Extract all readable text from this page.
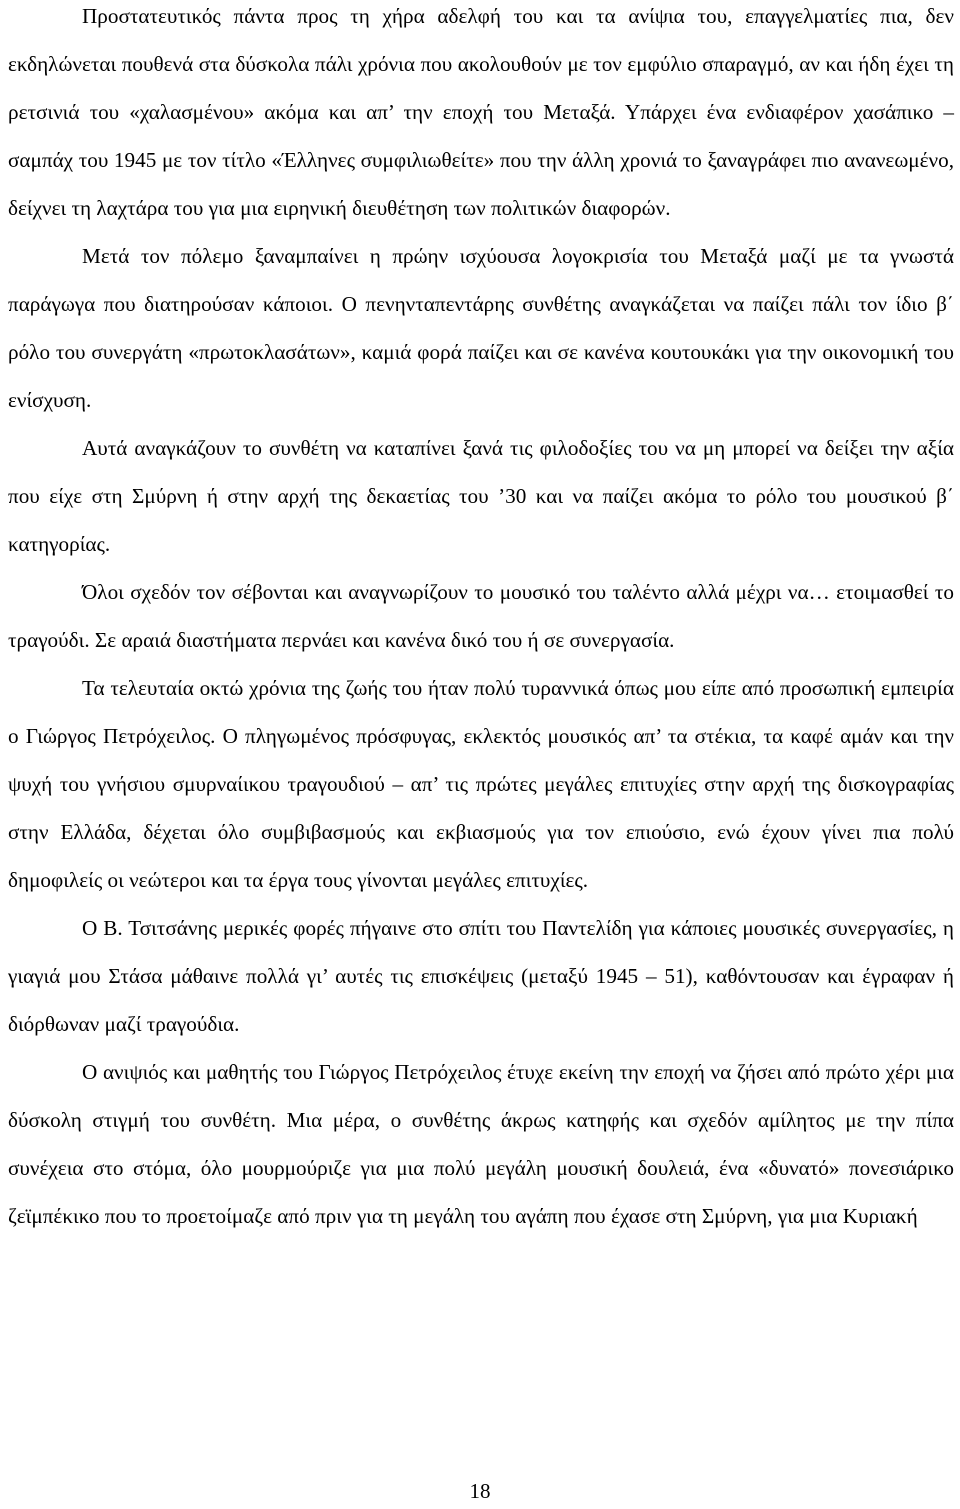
Προστατευτικός πάντα προς τη χήρα αδελφή του και τα ανίψια του, επαγγελματίες πια, δεν εκδηλώνεται πουθενά στα δύσκολα πάλι χρόνια που ακολουθούν με τον εμφύλιο σπαραγμό, αν και ήδη έχει τη ρετσινιά του «χαλασμένου» ακόμα και απ’ την εποχή του Μεταξά. Υπάρχει ένα ενδιαφέρον χασάπικο – σαμπάχ του 1945 με τον τίτλο «Έλληνες συμφιλιωθείτε» που την άλλη χρονιά το ξαναγράφει πιο ανανεωμένο, δείχνει τη λαχτάρα του για μια ειρηνική διευθέτηση των πολιτικών διαφορών.

Μετά τον πόλεμο ξαναμπαίνει η πρώην ισχύουσα λογοκρισία του Μεταξά μαζί με τα γνωστά παράγωγα που διατηρούσαν κάποιοι. Ο πενηνταπεντάρης συνθέτης αναγκάζεται να παίζει πάλι τον ίδιο β΄ ρόλο του συνεργάτη «πρωτοκλασάτων», καμιά φορά παίζει και σε κανένα κουτουκάκι για την οικονομική του ενίσχυση.

Αυτά αναγκάζουν το συνθέτη να καταπίνει ξανά τις φιλοδοξίες του να μη μπορεί να δείξει την αξία που είχε στη Σμύρνη ή στην αρχή της δεκαετίας του ’30 και να παίζει ακόμα το ρόλο του μουσικού β΄ κατηγορίας.

Όλοι σχεδόν τον σέβονται και αναγνωρίζουν το μουσικό του ταλέντο αλλά μέχρι να… ετοιμασθεί το τραγούδι. Σε αραιά διαστήματα περνάει και κανένα δικό του ή σε συνεργασία.

Τα τελευταία οκτώ χρόνια της ζωής του ήταν πολύ τυραννικά όπως μου είπε από προσωπική εμπειρία ο Γιώργος Πετρόχειλος. Ο πληγωμένος πρόσφυγας, εκλεκτός μουσικός απ’ τα στέκια, τα καφέ αμάν και την ψυχή του γνήσιου σμυρναίικου τραγουδιού – απ’ τις πρώτες μεγάλες επιτυχίες στην αρχή της δισκογραφίας στην Ελλάδα, δέχεται όλο συμβιβασμούς και εκβιασμούς για τον επιούσιο, ενώ έχουν γίνει πια πολύ δημοφιλείς οι νεώτεροι και τα έργα τους γίνονται μεγάλες επιτυχίες.

Ο Β. Τσιτσάνης μερικές φορές πήγαινε στο σπίτι του Παντελίδη για κάποιες μουσικές συνεργασίες, η γιαγιά μου Στάσα μάθαινε πολλά γι’ αυτές τις επισκέψεις (μεταξύ 1945 – 51), καθόντουσαν και έγραφαν ή διόρθωναν μαζί τραγούδια.

Ο ανιψιός και μαθητής του Γιώργος Πετρόχειλος έτυχε εκείνη την εποχή να ζήσει από πρώτο χέρι μια δύσκολη στιγμή του συνθέτη. Μια μέρα, ο συνθέτης άκρως κατηφής και σχεδόν αμίλητος με την πίπα συνέχεια στο στόμα, όλο μουρμούριζε για μια πολύ μεγάλη μουσική δουλειά, ένα «δυνατό» πονεσιάρικο ζεϊμπέκικο που το προετοίμαζε από πριν για τη μεγάλη του αγάπη που έχασε στη Σμύρνη, για μια Κυριακή

18
